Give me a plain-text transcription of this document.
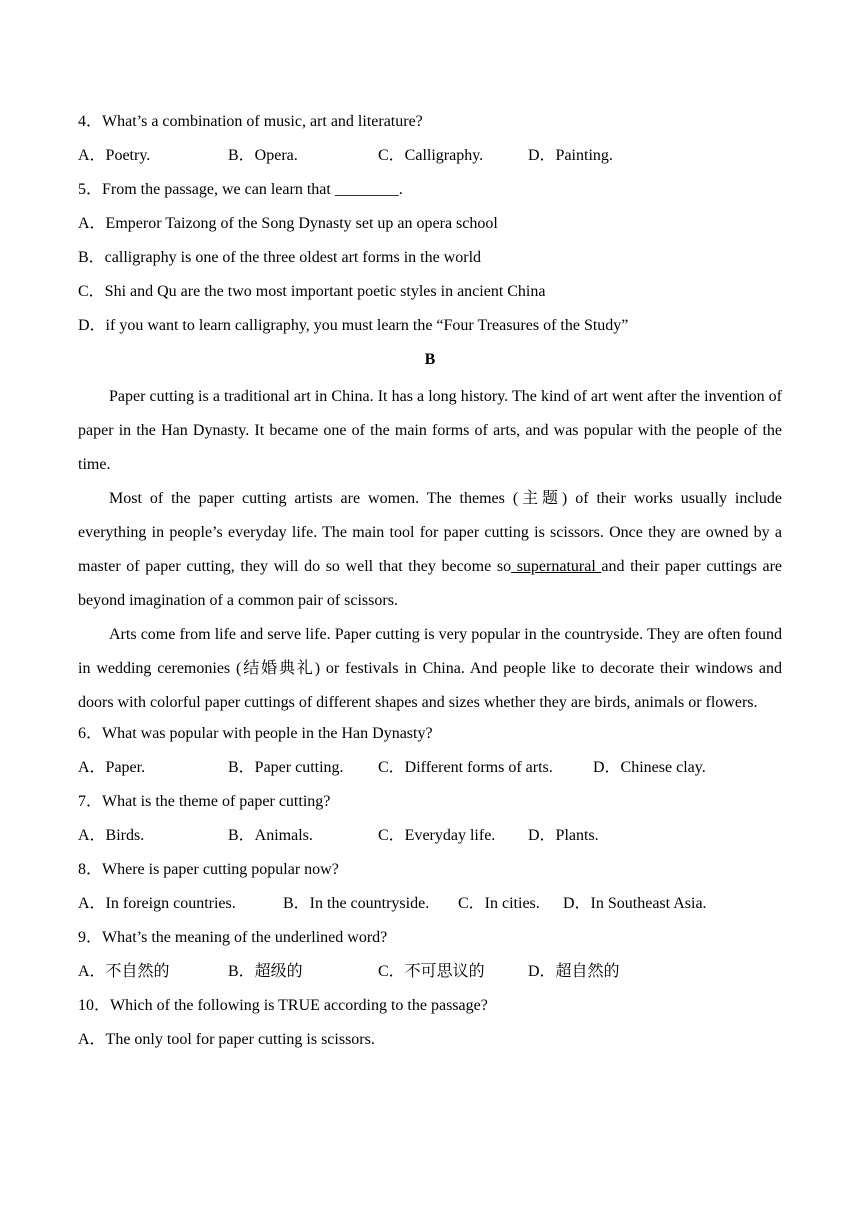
4．What’s a combination of music, art and literature?
A．Poetry.	B．Opera.	C．Calligraphy.	D．Painting.
5．From the passage, we can learn that ________.
A．Emperor Taizong of the Song Dynasty set up an opera school
B．calligraphy is one of the three oldest art forms in the world
C．Shi and Qu are the two most important poetic styles in ancient China
D．if you want to learn calligraphy, you must learn the “Four Treasures of the Study”
B

Paper cutting is a traditional art in China. It has a long history. The kind of art went after the invention of paper in the Han Dynasty. It became one of the main forms of arts, and was popular with the people of the time.

Most of the paper cutting artists are women. The themes (主题) of their works usually include everything in people’s everyday life. The main tool for paper cutting is scissors. Once they are owned by a master of paper cutting, they will do so well that they become so supernatural and their paper cuttings are beyond imagination of a common pair of scissors.

Arts come from life and serve life. Paper cutting is very popular in the countryside. They are often found in wedding ceremonies (结婚典礼) or festivals in China. And people like to decorate their windows and doors with colorful paper cuttings of different shapes and sizes whether they are birds, animals or flowers.

6．What was popular with people in the Han Dynasty?
A．Paper.	B．Paper cutting. C．Different forms of arts.	D．Chinese clay.
7．What is the theme of paper cutting?
A．Birds.	B．Animals.	C．Everyday life. D．Plants.
8．Where is paper cutting popular now?
A．In foreign countries.	B．In the countryside. C．In cities. D．In Southeast Asia.
9．What’s the meaning of the underlined word?
A．不自然的	B．超级的	C．不可思议的	D．超自然的
10．Which of the following is TRUE according to the passage?
A．The only tool for paper cutting is scissors.
